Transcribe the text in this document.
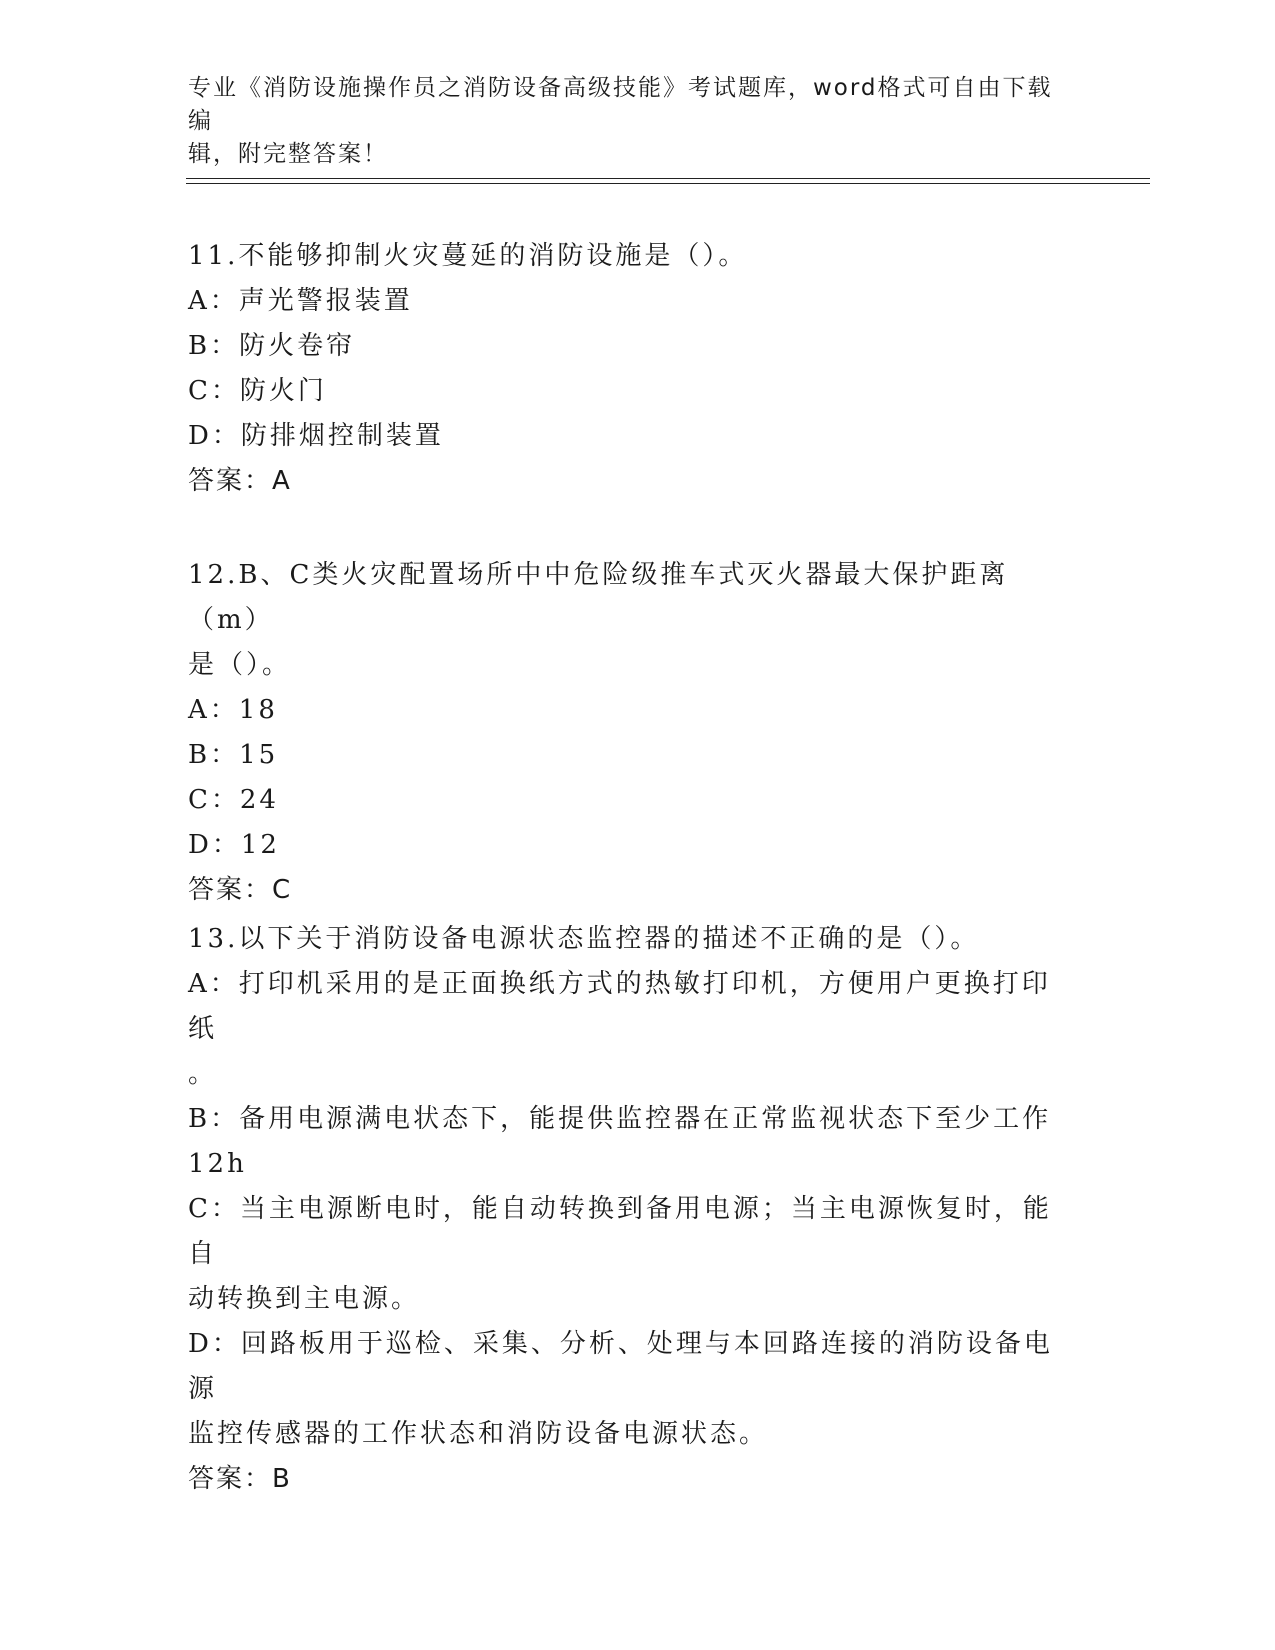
专业《消防设施操作员之消防设备高级技能》考试题库，word格式可自由下载编
辑，附完整答案！
11.不能够抑制火灾蔓延的消防设施是（）。
A：声光警报装置
B：防火卷帘
C：防火门
D：防排烟控制装置
答案：A
12.B、C类火灾配置场所中中危险级推车式灭火器最大保护距离（m）
是（）。
A：18
B：15
C：24
D：12
答案：C
13.以下关于消防设备电源状态监控器的描述不正确的是（）。
A：打印机采用的是正面换纸方式的热敏打印机，方便用户更换打印纸
。
B：备用电源满电状态下，能提供监控器在正常监视状态下至少工作
12h
C：当主电源断电时，能自动转换到备用电源；当主电源恢复时，能自
动转换到主电源。
D：回路板用于巡检、采集、分析、处理与本回路连接的消防设备电源
监控传感器的工作状态和消防设备电源状态。
答案：B
